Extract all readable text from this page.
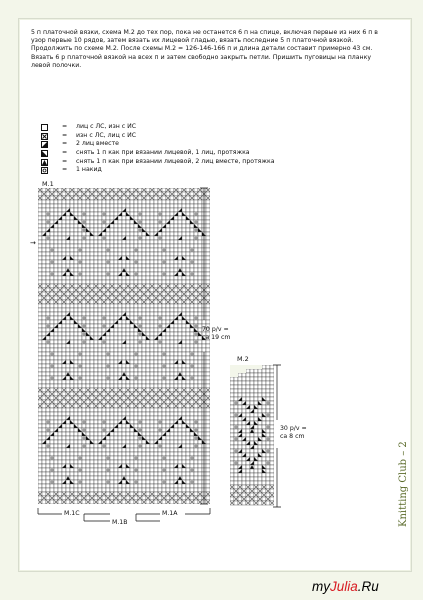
5 п платочной вязки, схема М.2 до тех пор, пока не останется 6 п на спице, включая первые из них 6 п в
узор первые 10 рядов, затем вязать их лицевой гладью, вязать последние 5 п платочной вязкой.
Продолжить по схеме М.2. После схемы М.2 = 126-146-166 п и длина детали составит примерно 43 см.
Вязать 6 р платочной вязкой на всех п и затем свободно закрыть петли. Пришить пуговицы на планку
левой полочки.
=	лиц с ЛС, изн с ИС
=	изн с ЛС, лиц с ИС
=	2 лиц вместе
=	снять 1 п как при вязании лицевой, 1 лиц, протяжка
=	снять 1 п как при вязании лицевой, 2 лиц вместе, протяжка
=	1 накид
M.1
→
M.2
70 p/v =
ca 19 cm
30 p/v =
ca 8 cm
M.1C
M.1B
M.1A	Knitting Club – 2
myJulia.Ru
